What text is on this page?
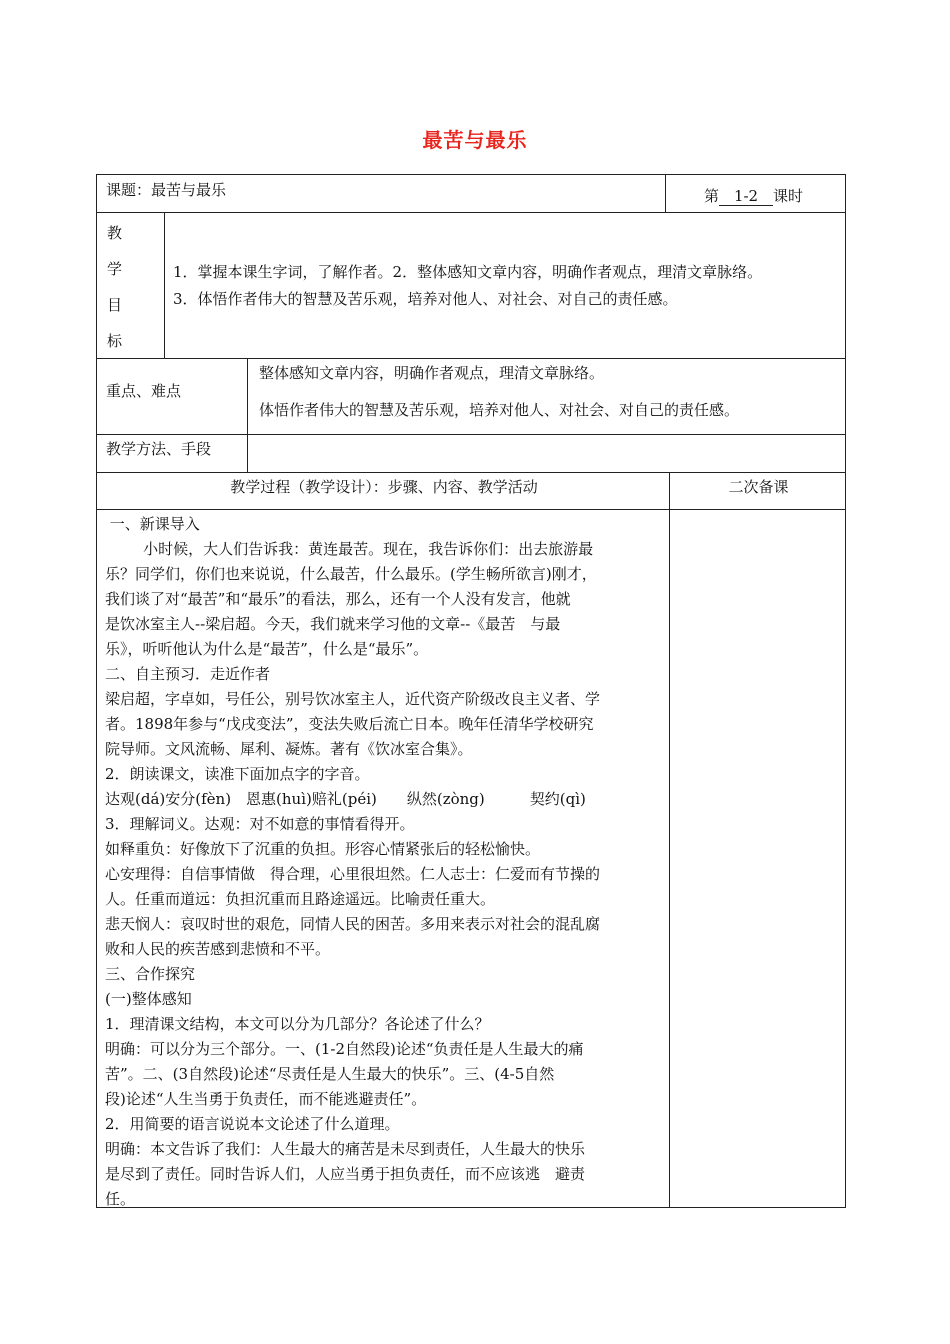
最苦与最乐
课题：最苦与最乐	第 1-2 课时
教
学
目
标
1．掌握本课生字词，了解作者。2．整体感知文章内容，明确作者观点，理清文章脉络。
3．体悟作者伟大的智慧及苦乐观，培养对他人、对社会、对自己的责任感。
重点、难点
整体感知文章内容，明确作者观点，理清文章脉络。
体悟作者伟大的智慧及苦乐观，培养对他人、对社会、对自己的责任感。
教学方法、手段
教学过程（教学设计）：步骤、内容、教学活动	二次备课
一、新课导入
小时候，大人们告诉我：黄连最苦。现在，我告诉你们：出去旅游最
乐？同学们，你们也来说说，什么最苦，什么最乐。(学生畅所欲言)刚才，
我们谈了对“最苦”和“最乐”的看法，那么，还有一个人没有发言，他就
是饮冰室主人--梁启超。今天，我们就来学习他的文章--《最苦　与最
乐》，听听他认为什么是“最苦”，什么是“最乐”。
二、自主预习．走近作者
梁启超，字卓如，号任公，别号饮冰室主人，近代资产阶级改良主义者、学
者。1898年参与“戊戌变法”，变法失败后流亡日本。晚年任清华学校研究
院导师。文风流畅、犀利、凝炼。著有《饮冰室合集》。
2．朗读课文，读准下面加点字的字音。
达观(dá)安分(fèn)　恩惠(huì)赔礼(péi)　　纵然(zòng)　　　契约(qì)
3．理解词义。达观：对不如意的事情看得开。
如释重负：好像放下了沉重的负担。形容心情紧张后的轻松愉快。
心安理得：自信事情做　得合理，心里很坦然。仁人志士：仁爱而有节操的
人。任重而道远：负担沉重而且路途遥远。比喻责任重大。
悲天悯人：哀叹时世的艰危，同情人民的困苦。多用来表示对社会的混乱腐
败和人民的疾苦感到悲愤和不平。
三、合作探究
(一)整体感知
1．理清课文结构，本文可以分为几部分？各论述了什么？
明确：可以分为三个部分。一、(1-2自然段)论述“负责任是人生最大的痛
苦”。二、(3自然段)论述“尽责任是人生最大的快乐”。三、(4-5自然
段)论述“人生当勇于负责任，而不能逃避责任”。
2．用简要的语言说说本文论述了什么道理。
明确：本文告诉了我们：人生最大的痛苦是未尽到责任，人生最大的快乐
是尽到了责任。同时告诉人们，人应当勇于担负责任，而不应该逃　避责
任。
